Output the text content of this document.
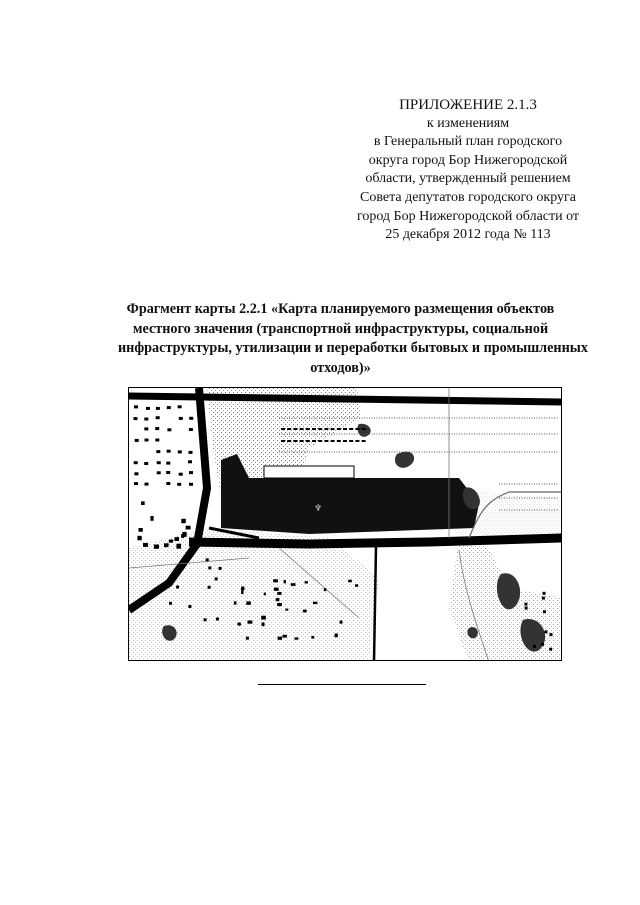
ПРИЛОЖЕНИЕ 2.1.3
к изменениям
в Генеральный план городского
округа город Бор Нижегородской
области, утвержденный решением
Совета депутатов городского округа
город Бор Нижегородской области от
25 декабря 2012 года № 113
Фрагмент карты 2.2.1 «Карта планируемого размещения объектов
местного значения (транспортной инфраструктуры, социальной
инфраструктуры, утилизации и переработки бытовых и промышленных
отходов)»
♆
